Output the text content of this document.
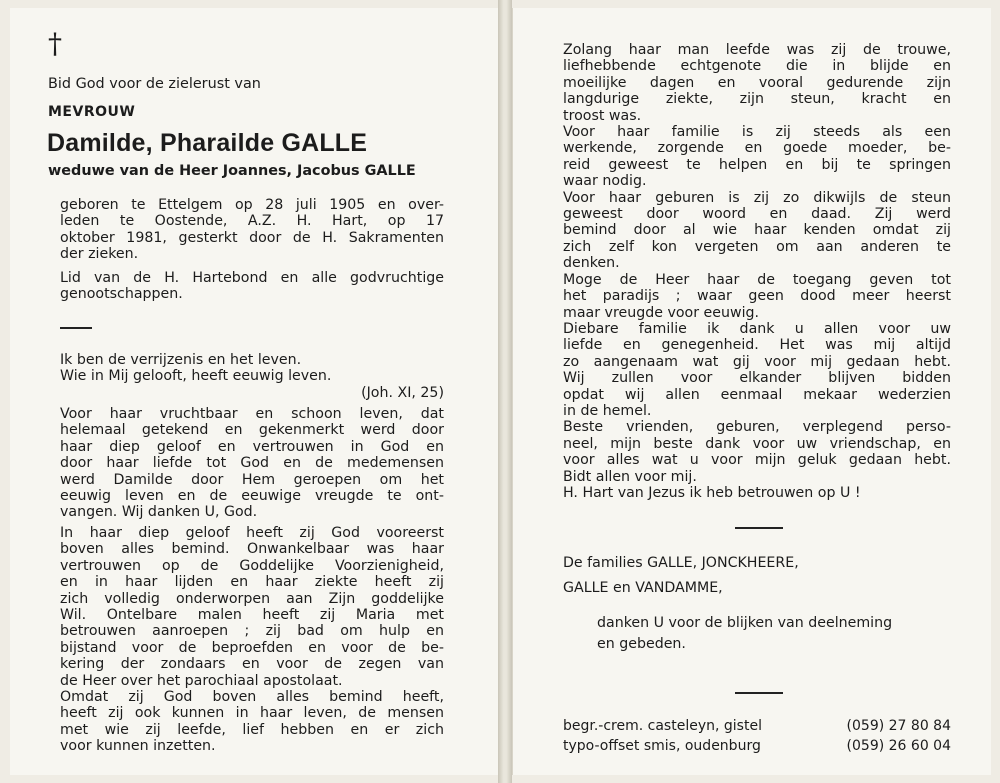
†
Bid God voor de zielerust van
MEVROUW
Damilde, Pharailde GALLE
weduwe van de Heer Joannes, Jacobus GALLE
geboren te Ettelgem op 28 juli 1905 en over-
leden te Oostende, A.Z. H. Hart, op 17
oktober 1981, gesterkt door de H. Sakramenten
der zieken.
Lid van de H. Hartebond en alle godvruchtige
genootschappen.
Ik ben de verrijzenis en het leven.
Wie in Mij gelooft, heeft eeuwig leven.
(Joh. XI, 25)
Voor haar vruchtbaar en schoon leven, dat
helemaal getekend en gekenmerkt werd door
haar diep geloof en vertrouwen in God en
door haar liefde tot God en de medemensen
werd Damilde door Hem geroepen om het
eeuwig leven en de eeuwige vreugde te ont-
vangen. Wij danken U, God.
In haar diep geloof heeft zij God vooreerst
boven alles bemind. Onwankelbaar was haar
vertrouwen op de Goddelijke Voorzienigheid,
en in haar lijden en haar ziekte heeft zij
zich volledig onderworpen aan Zijn goddelijke
Wil. Ontelbare malen heeft zij Maria met
betrouwen aanroepen ; zij bad om hulp en
bijstand voor de beproefden en voor de be-
kering der zondaars en voor de zegen van
de Heer over het parochiaal apostolaat.
Omdat zij God boven alles bemind heeft,
heeft zij ook kunnen in haar leven, de mensen
met wie zij leefde, lief hebben en er zich
voor kunnen inzetten.
Zolang haar man leefde was zij de trouwe,
liefhebbende echtgenote die in blijde en
moeilijke dagen en vooral gedurende zijn
langdurige ziekte, zijn steun, kracht en
troost was.
Voor haar familie is zij steeds als een
werkende, zorgende en goede moeder, be-
reid geweest te helpen en bij te springen
waar nodig.
Voor haar geburen is zij zo dikwijls de steun
geweest door woord en daad. Zij werd
bemind door al wie haar kenden omdat zij
zich zelf kon vergeten om aan anderen te
denken.
Moge de Heer haar de toegang geven tot
het paradijs ; waar geen dood meer heerst
maar vreugde voor eeuwig.
Diebare familie ik dank u allen voor uw
liefde en genegenheid. Het was mij altijd
zo aangenaam wat gij voor mij gedaan hebt.
Wij zullen voor elkander blijven bidden
opdat wij allen eenmaal mekaar wederzien
in de hemel.
Beste vrienden, geburen, verplegend perso-
neel, mijn beste dank voor uw vriendschap, en
voor alles wat u voor mijn geluk gedaan hebt.
Bidt allen voor mij.
H. Hart van Jezus ik heb betrouwen op U !
De families GALLE, JONCKHEERE,
GALLE en VANDAMME,
danken U voor de blijken van deelneming
en gebeden.
begr.-crem. casteleyn, gistel	(059) 27 80 84
typo-offset smis, oudenburg	(059) 26 60 04
